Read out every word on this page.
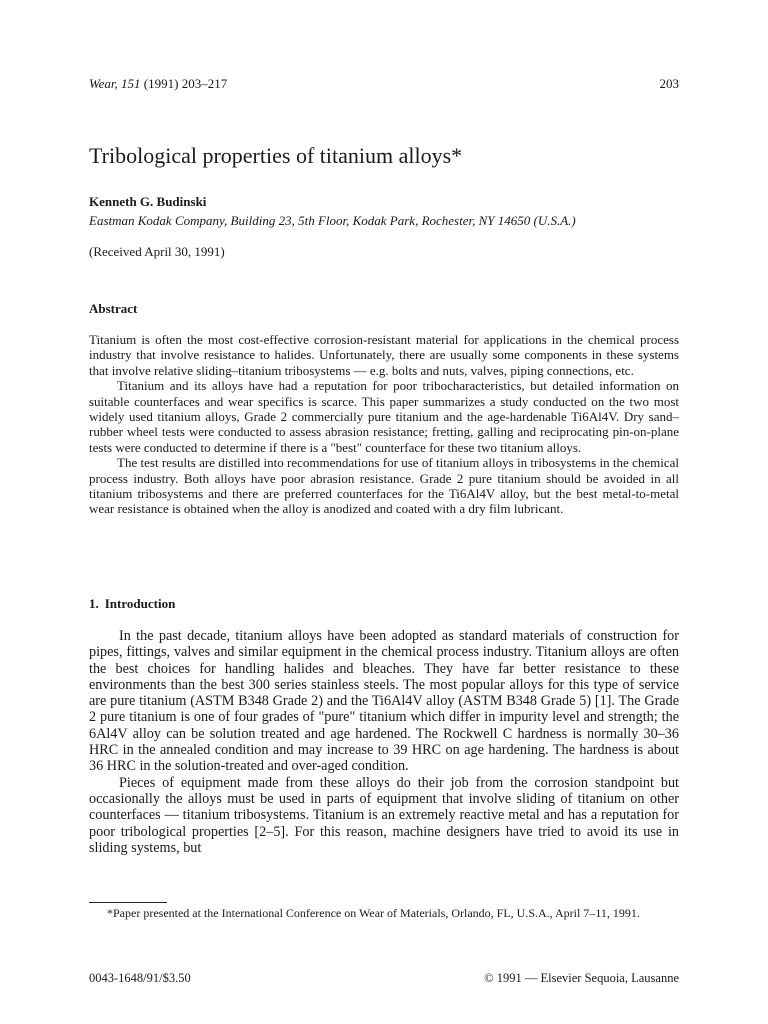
Wear, 151 (1991) 203–217	203
Tribological properties of titanium alloys*

Kenneth G. Budinski

Eastman Kodak Company, Building 23, 5th Floor, Kodak Park, Rochester, NY 14650 (U.S.A.)

(Received April 30, 1991)

Abstract

Titanium is often the most cost-effective corrosion-resistant material for applications in the chemical process industry that involve resistance to halides. Unfortunately, there are usually some components in these systems that involve relative sliding–titanium tribosystems — e.g. bolts and nuts, valves, piping connections, etc.

Titanium and its alloys have had a reputation for poor tribocharacteristics, but detailed information on suitable counterfaces and wear specifics is scarce. This paper summarizes a study conducted on the two most widely used titanium alloys, Grade 2 commercially pure titanium and the age-hardenable Ti6Al4V. Dry sand–rubber wheel tests were conducted to assess abrasion resistance; fretting, galling and reciprocating pin-on-plane tests were conducted to determine if there is a "best" counterface for these two titanium alloys.

The test results are distilled into recommendations for use of titanium alloys in tribosystems in the chemical process industry. Both alloys have poor abrasion resistance. Grade 2 pure titanium should be avoided in all titanium tribosystems and there are preferred counterfaces for the Ti6Al4V alloy, but the best metal-to-metal wear resistance is obtained when the alloy is anodized and coated with a dry film lubricant.

1. Introduction

In the past decade, titanium alloys have been adopted as standard materials of construction for pipes, fittings, valves and similar equipment in the chemical process industry. Titanium alloys are often the best choices for handling halides and bleaches. They have far better resistance to these environments than the best 300 series stainless steels. The most popular alloys for this type of service are pure titanium (ASTM B348 Grade 2) and the Ti6Al4V alloy (ASTM B348 Grade 5) [1]. The Grade 2 pure titanium is one of four grades of "pure" titanium which differ in impurity level and strength; the 6Al4V alloy can be solution treated and age hardened. The Rockwell C hardness is normally 30–36 HRC in the annealed condition and may increase to 39 HRC on age hardening. The hardness is about 36 HRC in the solution-treated and over-aged condition.

Pieces of equipment made from these alloys do their job from the corrosion standpoint but occasionally the alloys must be used in parts of equipment that involve sliding of titanium on other counterfaces — titanium tribosystems. Titanium is an extremely reactive metal and has a reputation for poor tribological properties [2–5]. For this reason, machine designers have tried to avoid its use in sliding systems, but

*Paper presented at the International Conference on Wear of Materials, Orlando, FL, U.S.A., April 7–11, 1991.

0043-1648/91/$3.50	© 1991 — Elsevier Sequoia, Lausanne
